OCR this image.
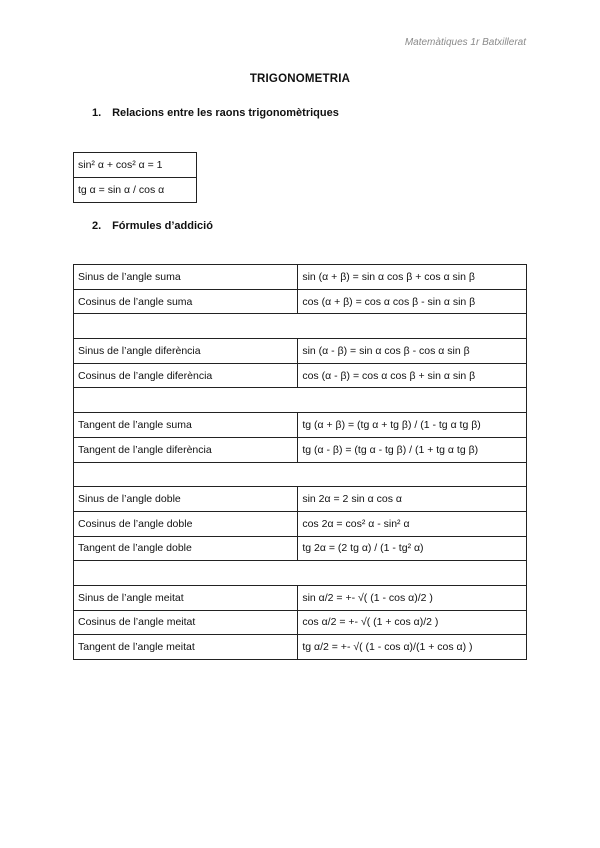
Matemàtiques 1r Batxillerat
TRIGONOMETRIA
1. Relacions entre les raons trigonomètriques
sin² α + cos² α = 1
tg α = sin α / cos α
2. Fórmules d’addició
Sinus de l’angle suma	sin (α + β) = sin α cos β + cos α sin β
Cosinus de l’angle suma	cos (α + β) = cos α cos β - sin α sin β

Sinus de l’angle diferència	sin (α - β) = sin α cos β - cos α sin β
Cosinus de l’angle diferència	cos (α - β) = cos α cos β + sin α sin β

Tangent de l’angle suma	tg (α + β) = (tg α + tg β) / (1 - tg α tg β)
Tangent de l’angle diferència	tg (α - β) = (tg α - tg β) / (1 + tg α tg β)

Sinus de l’angle doble	sin 2α = 2 sin α cos α
Cosinus de l’angle doble	cos 2α = cos² α - sin² α
Tangent de l’angle doble	tg 2α = (2 tg α) / (1 - tg² α)

Sinus de l’angle meitat	sin α/2 = +- √( (1 - cos α)/2 )
Cosinus de l’angle meitat	cos α/2 = +- √( (1 + cos α)/2 )
Tangent de l’angle meitat	tg α/2 = +- √( (1 - cos α)/(1 + cos α) )
